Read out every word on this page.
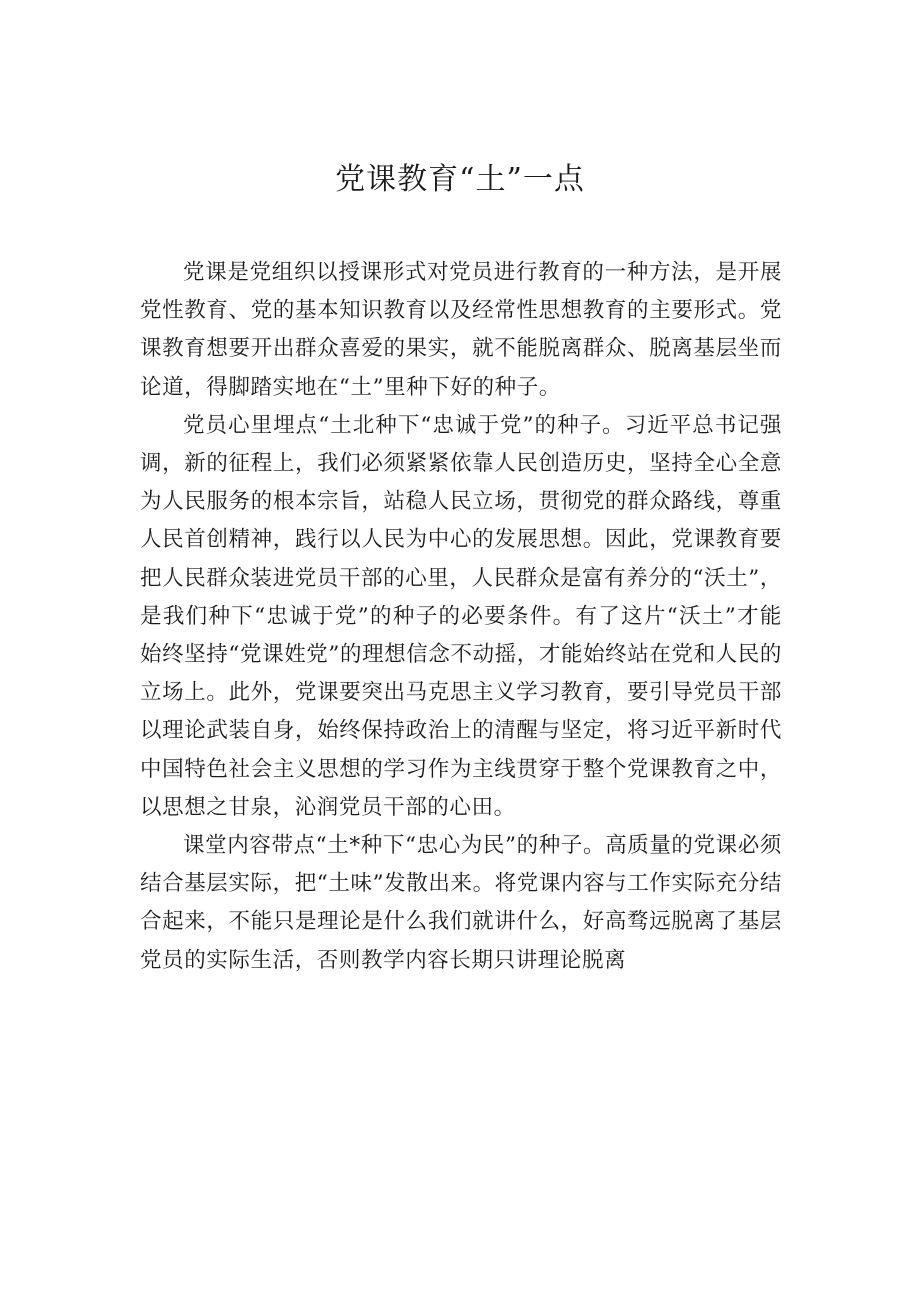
党课教育“土”一点

党课是党组织以授课形式对党员进行教育的一种方法，是开展党性教育、党的基本知识教育以及经常性思想教育的主要形式。党课教育想要开出群众喜爱的果实，就不能脱离群众、脱离基层坐而论道，得脚踏实地在“土”里种下好的种子。

党员心里埋点“土北种下“忠诚于党”的种子。习近平总书记强调，新的征程上，我们必须紧紧依靠人民创造历史，坚持全心全意为人民服务的根本宗旨，站稳人民立场，贯彻党的群众路线，尊重人民首创精神，践行以人民为中心的发展思想。因此，党课教育要把人民群众装进党员干部的心里，人民群众是富有养分的“沃土”，是我们种下“忠诚于党”的种子的必要条件。有了这片“沃土”才能始终坚持“党课姓党”的理想信念不动摇，才能始终站在党和人民的立场上。此外，党课要突出马克思主义学习教育，要引导党员干部以理论武装自身，始终保持政治上的清醒与坚定，将习近平新时代中国特色社会主义思想的学习作为主线贯穿于整个党课教育之中，以思想之甘泉，沁润党员干部的心田。

课堂内容带点“土*种下“忠心为民”的种子。高质量的党课必须结合基层实际，把“土味”发散出来。将党课内容与工作实际充分结合起来，不能只是理论是什么我们就讲什么，好高骛远脱离了基层党员的实际生活，否则教学内容长期只讲理论脱离
